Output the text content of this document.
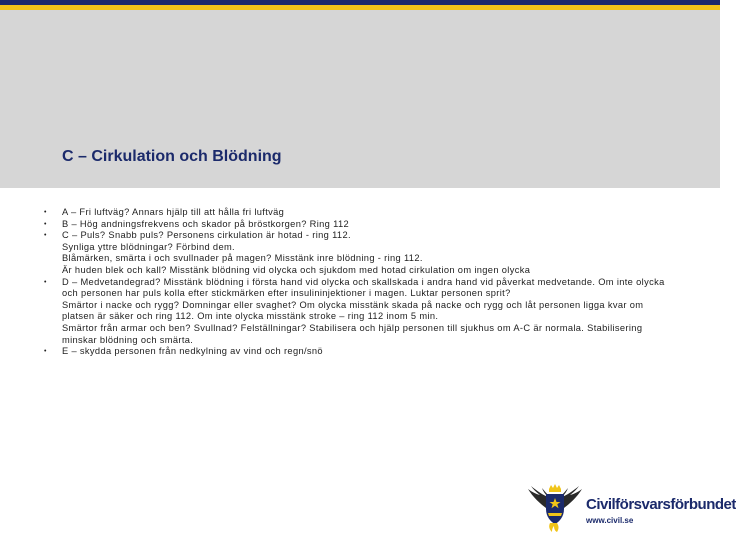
C – Cirkulation och Blödning
• A – Fri luftväg? Annars hjälp till att hålla fri luftväg
• B – Hög andningsfrekvens och skador på bröstkorgen? Ring 112
• C – Puls? Snabb puls? Personens cirkulation är hotad - ring 112.
Synliga yttre blödningar? Förbind dem.
Blåmärken, smärta i och svullnader på magen? Misstänk inre blödning - ring 112.
Är huden blek och kall? Misstänk blödning vid olycka och sjukdom med hotad cirkulation om ingen olycka
• D – Medvetandegrad? Misstänk blödning i första hand vid olycka och skallskada i andra hand vid påverkat medvetande. Om inte olycka och personen har puls kolla efter stickmärken efter insulininjektioner i magen. Luktar personen sprit?
Smärtor i nacke och rygg? Domningar eller svaghet? Om olycka misstänk skada på nacke och rygg och låt personen ligga kvar om platsen är säker och ring 112. Om inte olycka misstänk stroke – ring 112 inom 5 min.
Smärtor från armar och ben? Svullnad? Felställningar? Stabilisera och hjälp personen till sjukhus om A-C är normala. Stabilisering minskar blödning och smärta.
• E – skydda personen från nedkylning av vind och regn/snö
Civilförsvarsförbundet
www.civil.se
